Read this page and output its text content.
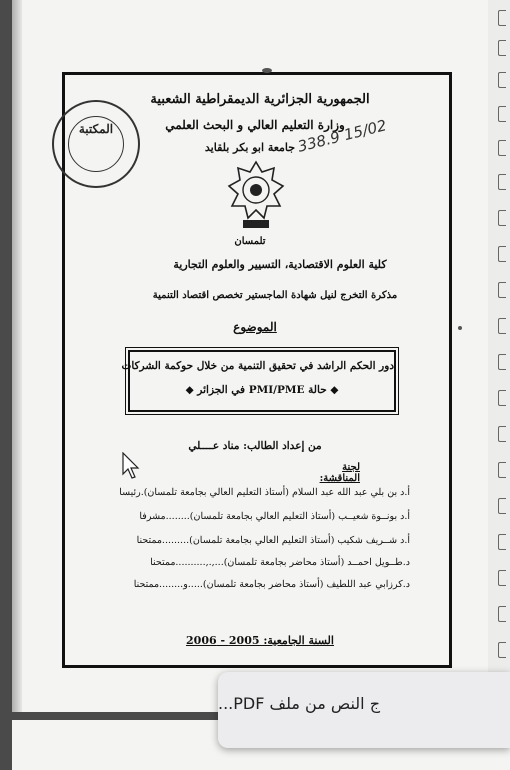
المكتبة
الجمهورية الجزائرية الديمقراطية الشعبية
وزارة التعليم العالي و البحث العلمي
جامعة ابو بكر بلقايد 338.9 15/02
تلمسان
كلية العلوم الاقتصادية، التسيير والعلوم التجارية
مذكرة التخرج لنيل شهادة الماجستير تخصص اقتصاد التنمية
الموضوع
دور الحكم الراشد في تحقيق التنمية من خلال حوكمة الشركات
◆ حالة PMI/PME في الجزائر ◆
من إعداد الطالب: مناد عــــلي
لجنة المناقشة:
أ.د بن بلي عبد الله عبد السلام (أستاذ التعليم العالي بجامعة تلمسان).رئيسا
أ.د بونــوة شعيــب (أستاذ التعليم العالي بجامعة تلمسان)........مشرفا
أ.د شــريف شكيب (أستاذ التعليم العالي بجامعة تلمسان).........ممتحنا
د.طــويل احمــد (أستاذ محاضر بجامعة تلمسان)...,.,..........ممتحنا
د.كرزابي عبد اللطيف (أستاذ محاضر بجامعة تلمسان).....و........ممتحنا
السنة الجامعية: 2005 - 2006
ج النص من ملف PDF...
